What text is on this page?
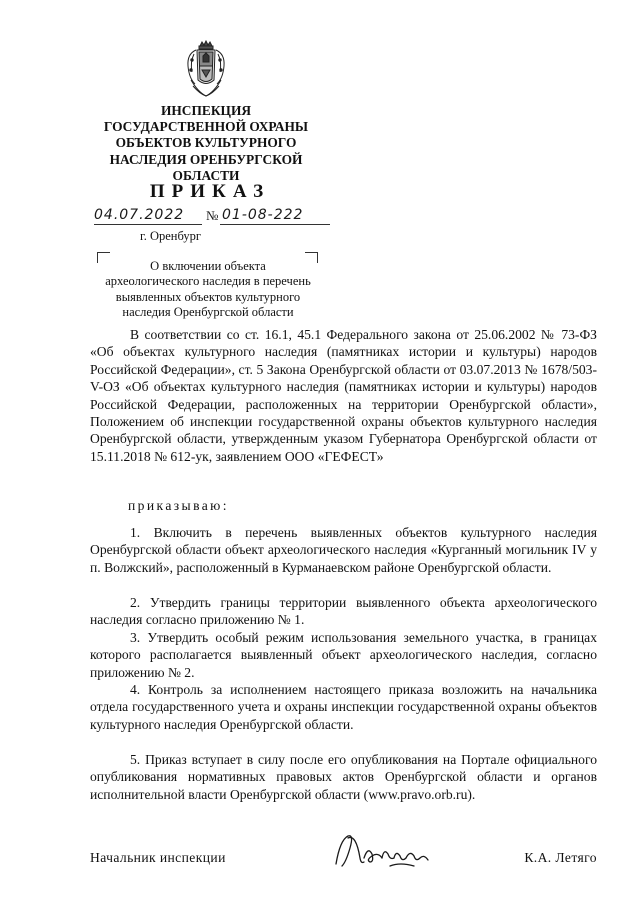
ИНСПЕКЦИЯ
ГОСУДАРСТВЕННОЙ ОХРАНЫ
ОБЪЕКТОВ КУЛЬТУРНОГО
НАСЛЕДИЯ ОРЕНБУРГСКОЙ
ОБЛАСТИ
ПРИКАЗ
04.07.2022 № 01-08-222
г. Оренбург
О включении объекта
археологического наследия в перечень
выявленных объектов культурного
наследия Оренбургской области
В соответствии со ст. 16.1, 45.1 Федерального закона от 25.06.2002 № 73-ФЗ «Об объектах культурного наследия (памятниках истории и культуры) народов Российской Федерации», ст. 5 Закона Оренбургской области от 03.07.2013 № 1678/503-V-ОЗ «Об объектах культурного наследия (памятниках истории и культуры) народов Российской Федерации, расположенных на территории Оренбургской области», Положением об инспекции государственной охраны объектов культурного наследия Оренбургской области, утвержденным указом Губернатора Оренбургской области от 15.11.2018 № 612-ук, заявлением ООО «ГЕФЕСТ»
приказываю:
1. Включить в перечень выявленных объектов культурного наследия Оренбургской области объект археологического наследия «Курганный могильник IV у п. Волжский», расположенный в Курманаевском районе Оренбургской области.
2. Утвердить границы территории выявленного объекта археологического наследия согласно приложению № 1.
3. Утвердить особый режим использования земельного участка, в границах которого располагается выявленный объект археологического наследия, согласно приложению № 2.
4. Контроль за исполнением настоящего приказа возложить на начальника отдела государственного учета и охраны инспекции государственной охраны объектов культурного наследия Оренбургской области.
5. Приказ вступает в силу после его опубликования на Портале официального опубликования нормативных правовых актов Оренбургской области и органов исполнительной власти Оренбургской области (www.pravo.orb.ru).
Начальник инспекции	К.А. Летяго
